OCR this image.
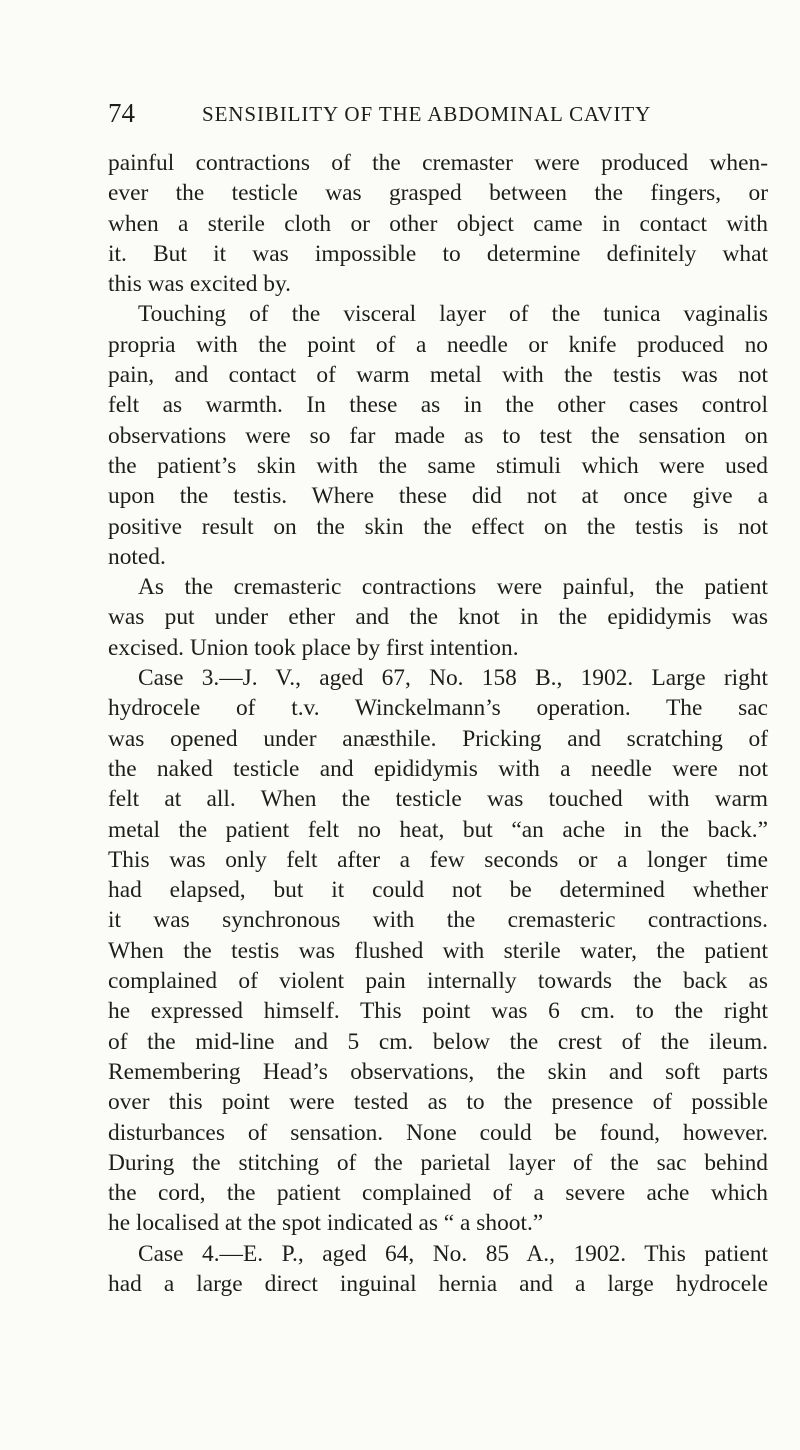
74	SENSIBILITY OF THE ABDOMINAL CAVITY
painful contractions of the cremaster were produced when-
ever the testicle was grasped between the fingers, or
when a sterile cloth or other object came in contact with
it. But it was impossible to determine definitely what
this was excited by.
Touching of the visceral layer of the tunica vaginalis
propria with the point of a needle or knife produced no
pain, and contact of warm metal with the testis was not
felt as warmth. In these as in the other cases control
observations were so far made as to test the sensation on
the patient’s skin with the same stimuli which were used
upon the testis. Where these did not at once give a
positive result on the skin the effect on the testis is not
noted.
As the cremasteric contractions were painful, the patient
was put under ether and the knot in the epididymis was
excised. Union took place by first intention.
Case 3.—J. V., aged 67, No. 158 B., 1902. Large right
hydrocele of t.v. Winckelmann’s operation. The sac
was opened under anæsthile. Pricking and scratching of
the naked testicle and epididymis with a needle were not
felt at all. When the testicle was touched with warm
metal the patient felt no heat, but “an ache in the back.”
This was only felt after a few seconds or a longer time
had elapsed, but it could not be determined whether
it was synchronous with the cremasteric contractions.
When the testis was flushed with sterile water, the patient
complained of violent pain internally towards the back as
he expressed himself. This point was 6 cm. to the right
of the mid-line and 5 cm. below the crest of the ileum.
Remembering Head’s observations, the skin and soft parts
over this point were tested as to the presence of possible
disturbances of sensation. None could be found, however.
During the stitching of the parietal layer of the sac behind
the cord, the patient complained of a severe ache which
he localised at the spot indicated as “ a shoot.”
Case 4.—E. P., aged 64, No. 85 A., 1902. This patient
had a large direct inguinal hernia and a large hydrocele
